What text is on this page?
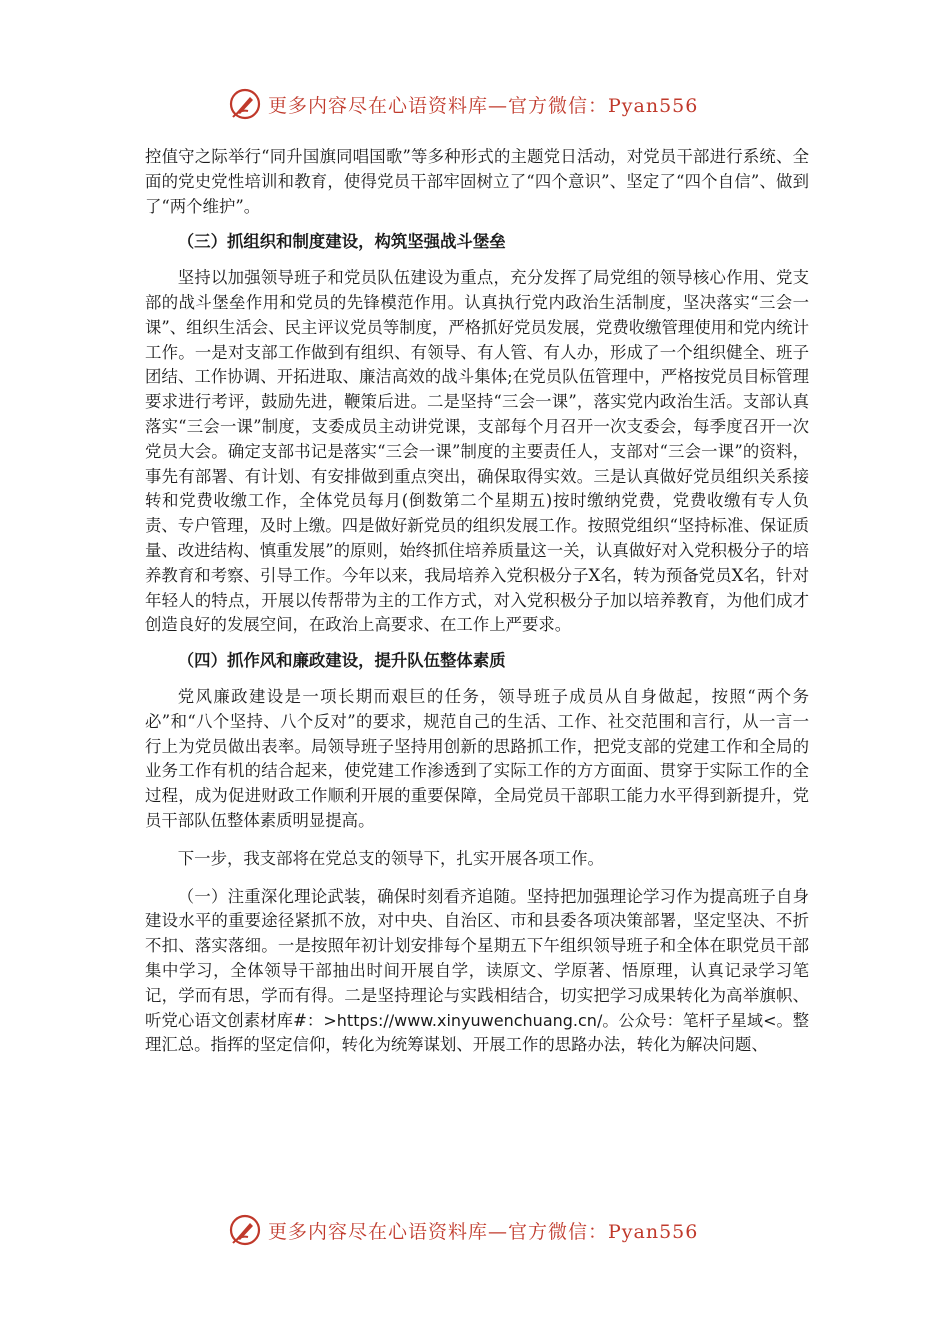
更多内容尽在心语资料库—官方微信：Pyan556

控值守之际举行“同升国旗同唱国歌”等多种形式的主题党日活动，对党员干部进行系统、全面的党史党性培训和教育，使得党员干部牢固树立了“四个意识”、坚定了“四个自信”、做到了“两个维护”。

（三）抓组织和制度建设，构筑坚强战斗堡垒

坚持以加强领导班子和党员队伍建设为重点，充分发挥了局党组的领导核心作用、党支部的战斗堡垒作用和党员的先锋模范作用。认真执行党内政治生活制度，坚决落实“三会一课”、组织生活会、民主评议党员等制度，严格抓好党员发展，党费收缴管理使用和党内统计工作。一是对支部工作做到有组织、有领导、有人管、有人办，形成了一个组织健全、班子团结、工作协调、开拓进取、廉洁高效的战斗集体;在党员队伍管理中，严格按党员目标管理要求进行考评，鼓励先进，鞭策后进。二是坚持“三会一课”，落实党内政治生活。支部认真落实“三会一课”制度，支委成员主动讲党课，支部每个月召开一次支委会，每季度召开一次党员大会。确定支部书记是落实“三会一课”制度的主要责任人，支部对“三会一课”的资料，事先有部署、有计划、有安排做到重点突出，确保取得实效。三是认真做好党员组织关系接转和党费收缴工作，全体党员每月(倒数第二个星期五)按时缴纳党费，党费收缴有专人负责、专户管理，及时上缴。四是做好新党员的组织发展工作。按照党组织“坚持标准、保证质量、改进结构、慎重发展”的原则，始终抓住培养质量这一关，认真做好对入党积极分子的培养教育和考察、引导工作。今年以来，我局培养入党积极分子X名，转为预备党员X名，针对年轻人的特点，开展以传帮带为主的工作方式，对入党积极分子加以培养教育，为他们成才创造良好的发展空间，在政治上高要求、在工作上严要求。

（四）抓作风和廉政建设，提升队伍整体素质

党风廉政建设是一项长期而艰巨的任务，领导班子成员从自身做起，按照“两个务必”和“八个坚持、八个反对”的要求，规范自己的生活、工作、社交范围和言行，从一言一行上为党员做出表率。局领导班子坚持用创新的思路抓工作，把党支部的党建工作和全局的业务工作有机的结合起来，使党建工作渗透到了实际工作的方方面面、贯穿于实际工作的全过程，成为促进财政工作顺利开展的重要保障，全局党员干部职工能力水平得到新提升，党员干部队伍整体素质明显提高。

下一步，我支部将在党总支的领导下，扎实开展各项工作。

（一）注重深化理论武装，确保时刻看齐追随。坚持把加强理论学习作为提高班子自身建设水平的重要途径紧抓不放，对中央、自治区、市和县委各项决策部署，坚定坚决、不折不扣、落实落细。一是按照年初计划安排每个星期五下午组织领导班子和全体在职党员干部集中学习，全体领导干部抽出时间开展自学，读原文、学原著、悟原理，认真记录学习笔记，学而有思，学而有得。二是坚持理论与实践相结合，切实把学习成果转化为高举旗帜、听党心语文创素材库#：>https://www.xinyuwenchuang.cn/。公众号：笔杆子星域<。整理汇总。指挥的坚定信仰，转化为统筹谋划、开展工作的思路办法，转化为解决问题、

更多内容尽在心语资料库—官方微信：Pyan556
